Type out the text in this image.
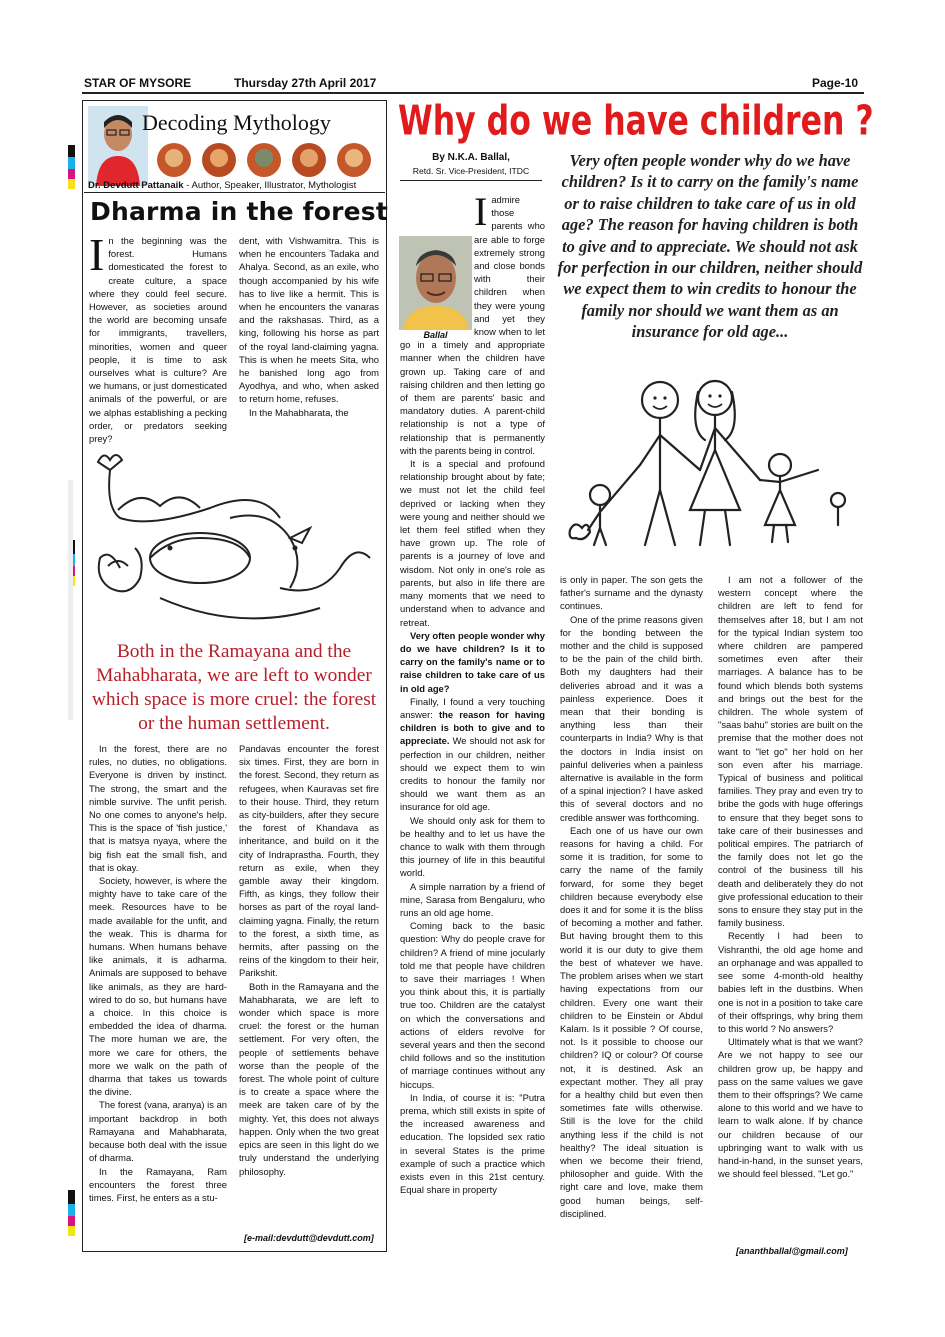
STAR OF MYSORE	Thursday 27th April 2017	Page-10
Decoding Mythology
Dr. Devdutt Pattanaik - Author, Speaker, Illustrator, Mythologist
Dharma in the forest
In the beginning was the forest. Humans domesticated the forest to create culture, a space where they could feel secure. However, as societies around the world are becoming unsafe for immigrants, travellers, minorities, women and queer people, it is time to ask ourselves what is culture? Are we humans, or just domesticated animals of the powerful, or are we alphas establishing a pecking order, or predators seeking prey?

dent, with Vishwamitra. This is when he encounters Tadaka and Ahalya. Second, as an exile, who though accompanied by his wife has to live like a hermit. This is when he encounters the vanaras and the rakshasas. Third, as a king, following his horse as part of the royal land-claiming yagna. This is when he meets Sita, who he banished long ago from Ayodhya, and who, when asked to return home, refuses.

In the Mahabharata, the

Both in the Ramayana and the Mahabharata, we are left to wonder which space is more cruel: the forest or the human settlement.

In the forest, there are no rules, no duties, no obligations. Everyone is driven by instinct. The strong, the smart and the nimble survive. The unfit perish. No one comes to anyone's help. This is the space of 'fish justice,' that is matsya nyaya, where the big fish eat the small fish, and that is okay.

Society, however, is where the mighty have to take care of the meek. Resources have to be made available for the unfit, and the weak. This is dharma for humans. When humans behave like animals, it is adharma. Animals are supposed to behave like animals, as they are hard-wired to do so, but humans have a choice. In this choice is embedded the idea of dharma. The more human we are, the more we care for others, the more we walk on the path of dharma that takes us towards the divine.

The forest (vana, aranya) is an important backdrop in both Ramayana and Mahabharata, because both deal with the issue of dharma.

In the Ramayana, Ram encounters the forest three times. First, he enters as a stu-

Pandavas encounter the forest six times. First, they are born in the forest. Second, they return as refugees, when Kauravas set fire to their house. Third, they return as city-builders, after they secure the forest of Khandava as inheritance, and build on it the city of Indraprastha. Fourth, they return as exile, when they gamble away their kingdom. Fifth, as kings, they follow their horses as part of the royal land-claiming yagna. Finally, the return to the forest, a sixth time, as hermits, after passing on the reins of the kingdom to their heir, Parikshit.

Both in the Ramayana and the Mahabharata, we are left to wonder which space is more cruel: the forest or the human settlement. For very often, the people of settlements behave worse than the people of the forest. The whole point of culture is to create a space where the meek are taken care of by the mighty. Yet, this does not always happen. Only when the two great epics are seen in this light do we truly understand the underlying philosophy.

[e-mail:devdutt@devdutt.com]
Why do we have children ?
By N.K.A. Ballal,
Retd. Sr. Vice-President, ITDC
Very often people wonder why do we have children? Is it to carry on the family's name or to raise children to take care of us in old age? The reason for having children is both to give and to appreciate. We should not ask for perfection in our children, neither should we expect them to win credits to honour the family nor should we want them as an insurance for old age...
Ballal

Iadmire those parents who are able to forge extremely strong and close bonds with their children when they were young and yet they know when to let go in a timely and appropriate manner when the children have grown up. Taking care of and raising children and then letting go of them are parents' basic and mandatory duties. A parent-child relationship is not a type of relationship that is permanently with the parents being in control.

It is a special and profound relationship brought about by fate; we must not let the child feel deprived or lacking when they were young and neither should we let them feel stifled when they have grown up. The role of parents is a journey of love and wisdom. Not only in one's role as parents, but also in life there are many moments that we need to understand when to advance and retreat.

Very often people wonder why do we have children? Is it to carry on the family's name or to raise children to take care of us in old age?

Finally, I found a very touching answer: the reason for having children is both to give and to appreciate. We should not ask for perfection in our children, neither should we expect them to win credits to honour the family nor should we want them as an insurance for old age.

We should only ask for them to be healthy and to let us have the chance to walk with them through this journey of life in this beautiful world.

A simple narration by a friend of mine, Sarasa from Bengaluru, who runs an old age home.

Coming back to the basic question: Why do people crave for children? A friend of mine jocularly told me that people have children to save their marriages ! When you think about this, it is partially true too. Children are the catalyst on which the conversations and actions of elders revolve for several years and then the second child follows and so the institution of marriage continues without any hiccups.

In India, of course it is: "Putra prema, which still exists in spite of the increased awareness and education. The lopsided sex ratio in several States is the prime example of such a practice which exists even in this 21st century. Equal share in property

is only in paper. The son gets the father's surname and the dynasty continues.

One of the prime reasons given for the bonding between the mother and the child is supposed to be the pain of the child birth. Both my daughters had their deliveries abroad and it was a painless experience. Does it mean that their bonding is anything less than their counterparts in India? Why is that the doctors in India insist on painful deliveries when a painless alternative is available in the form of a spinal injection? I have asked this of several doctors and no credible answer was forthcoming.

Each one of us have our own reasons for having a child. For some it is tradition, for some to carry the name of the family forward, for some they beget children because everybody else does it and for some it is the bliss of becoming a mother and father. But having brought them to this world it is our duty to give them the best of whatever we have. The problem arises when we start having expectations from our children. Every one want their children to be Einstein or Abdul Kalam. Is it possible ? Of course, not. Is it possible to choose our children? IQ or colour? Of course not, it is destined. Ask an expectant mother. They all pray for a healthy child but even then sometimes fate wills otherwise. Still is the love for the child anything less if the child is not healthy? The ideal situation is when we become their friend, philosopher and guide. With the right care and love, make them good human beings, self-disciplined.

I am not a follower of the western concept where the children are left to fend for themselves after 18, but I am not for the typical Indian system too where children are pampered sometimes even after their marriages. A balance has to be found which blends both systems and brings out the best for the children. The whole system of "saas bahu" stories are built on the premise that the mother does not want to "let go" her hold on her son even after his marriage. Typical of business and political families. They pray and even try to bribe the gods with huge offerings to ensure that they beget sons to take care of their businesses and political empires. The patriarch of the family does not let go the control of the business till his death and deliberately they do not give professional education to their sons to ensure they stay put in the family business.

Recently I had been to Vishranthi, the old age home and an orphanage and was appalled to see some 4-month-old healthy babies left in the dustbins. When one is not in a position to take care of their offsprings, why bring them to this world ? No answers?

Ultimately what is that we want? Are we not happy to see our children grow up, be happy and pass on the same values we gave them to their offsprings? We came alone to this world and we have to learn to walk alone. If by chance our children because of our upbringing want to walk with us hand-in-hand, in the sunset years, we should feel blessed. "Let go."

[ananthballal@gmail.com]
